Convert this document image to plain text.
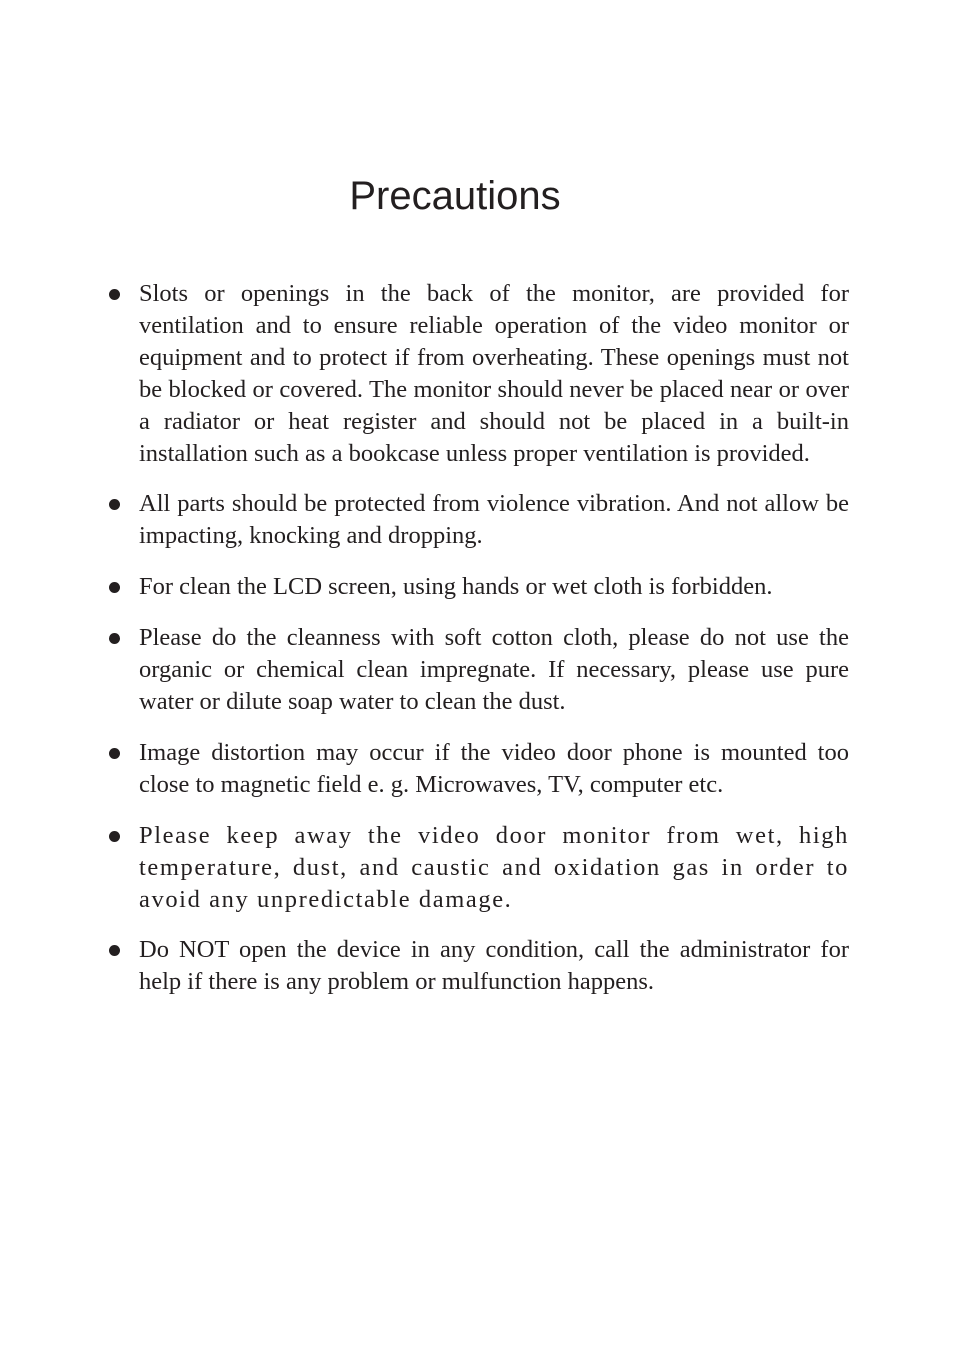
Precautions
Slots or openings in the back of the monitor, are provided for ventilation and to ensure reliable operation of the video monitor or equipment and to protect if from overheating. These openings must not be blocked or covered. The monitor should never be placed near or over a radiator or heat register and should not be placed in a built-in installation such as a bookcase unless proper ventilation is provided.
All parts should be protected from violence vibration. And not allow be impacting, knocking and dropping.
For clean the LCD screen, using hands or wet cloth is forbidden.
Please do the cleanness with soft cotton cloth, please do not use the organic or chemical clean impregnate. If necessary, please use pure water or dilute soap water to clean the dust.
Image distortion may occur if the video door phone is mounted too close to magnetic field e. g. Microwaves, TV, computer etc.
Please keep away the video door monitor from wet, high temperature, dust, and caustic and oxidation gas in order to avoid any unpredictable damage.
Do NOT open the device in any condition, call the administrator for help if there is any problem or mulfunction happens.
